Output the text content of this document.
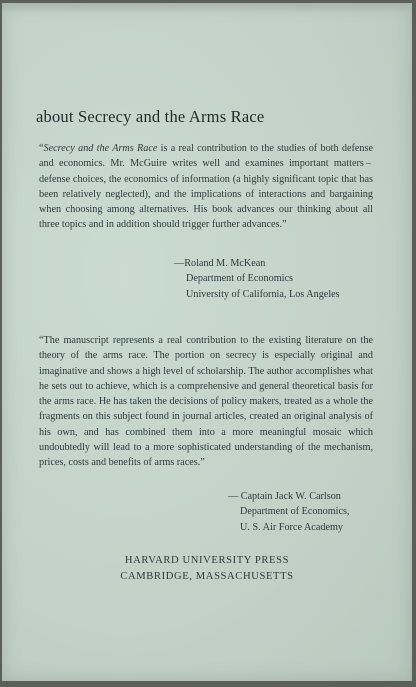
about Secrecy and the Arms Race

“Secrecy and the Arms Race is a real contribution to the studies of both defense and economics. Mr. McGuire writes well and examines important matters – defense choices, the economics of information (a highly significant topic that has been relatively neglected), and the implications of interactions and bargaining when choosing among alternatives. His book advances our thinking about all three topics and in addition should trigger further advances.”

—Roland M. McKean
Department of Economics
University of California, Los Angeles

“The manuscript represents a real contribution to the existing literature on the theory of the arms race. The portion on secrecy is especially original and imaginative and shows a high level of scholarship. The author accomplishes what he sets out to achieve, which is a comprehensive and general theoretical basis for the arms race. He has taken the decisions of policy makers, treated as a whole the fragments on this subject found in journal articles, created an original analysis of his own, and has combined them into a more meaningful mosaic which undoubtedly will lead to a more sophisticated understanding of the mechanism, prices, costs and benefits of arms races.”

— Captain Jack W. Carlson
Department of Economics,
U. S. Air Force Academy
HARVARD UNIVERSITY PRESS
CAMBRIDGE, MASSACHUSETTS
